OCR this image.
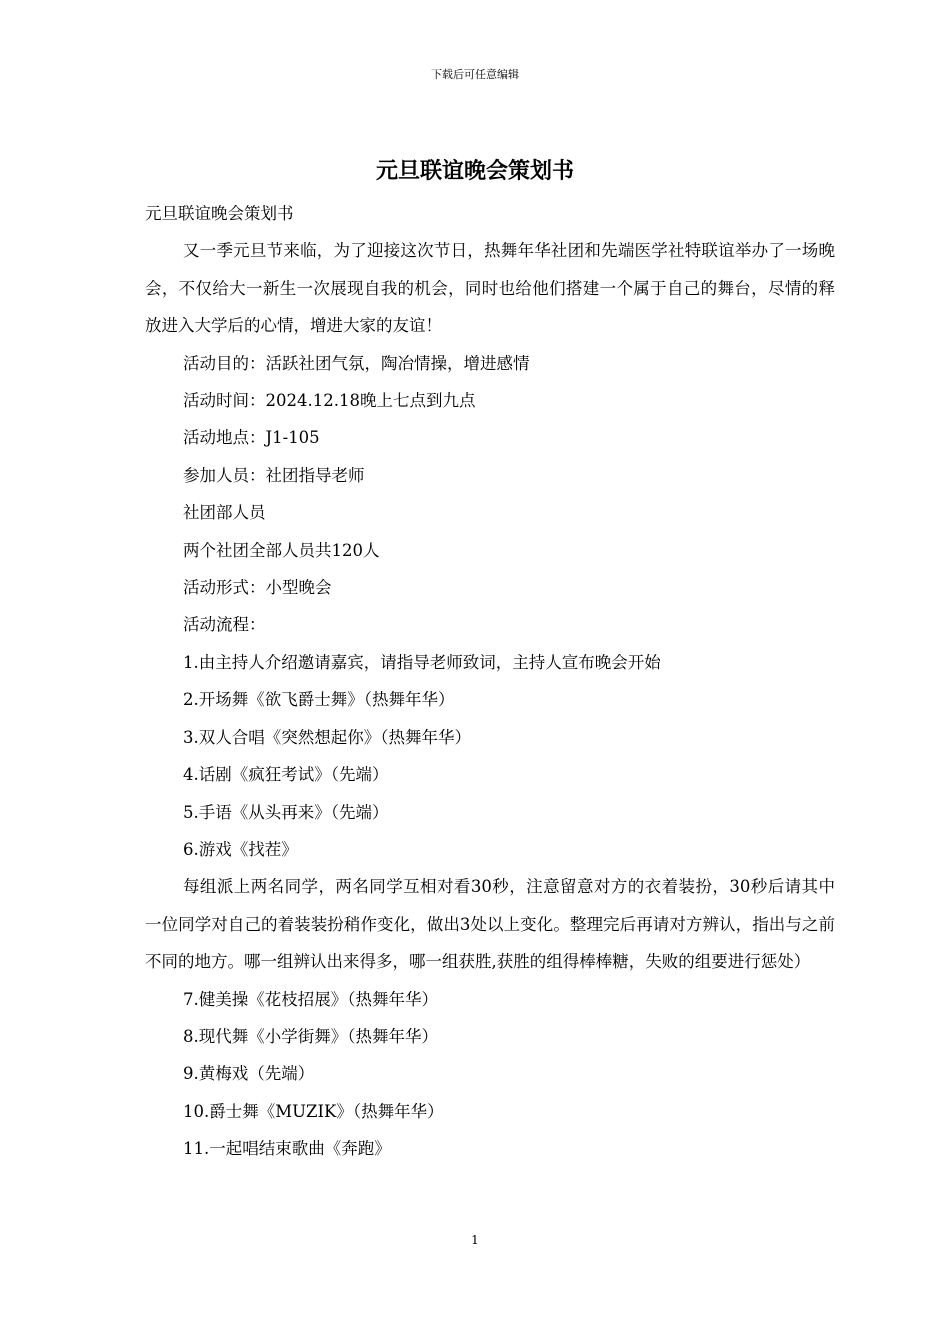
下载后可任意编辑
元旦联谊晚会策划书

元旦联谊晚会策划书

又一季元旦节来临，为了迎接这次节日，热舞年华社团和先端医学社特联谊举办了一场晚会，不仅给大一新生一次展现自我的机会，同时也给他们搭建一个属于自己的舞台，尽情的释放进入大学后的心情，增进大家的友谊！

活动目的：活跃社团气氛，陶冶情操，增进感情

活动时间：2024.12.18晚上七点到九点

活动地点：J1-105

参加人员：社团指导老师

社团部人员

两个社团全部人员共120人

活动形式：小型晚会

活动流程：

1.由主持人介绍邀请嘉宾，请指导老师致词，主持人宣布晚会开始

2.开场舞《欲飞爵士舞》（热舞年华）

3.双人合唱《突然想起你》（热舞年华）

4.话剧《疯狂考试》（先端）

5.手语《从头再来》（先端）

6.游戏《找茬》

每组派上两名同学，两名同学互相对看30秒，注意留意对方的衣着装扮，30秒后请其中一位同学对自己的着装装扮稍作变化，做出3处以上变化。整理完后再请对方辨认，指出与之前不同的地方。哪一组辨认出来得多，哪一组获胜,获胜的组得棒棒糖，失败的组要进行惩处）

7.健美操《花枝招展》（热舞年华）

8.现代舞《小学街舞》（热舞年华）

9.黄梅戏（先端）

10.爵士舞《MUZIK》（热舞年华）

11.一起唱结束歌曲《奔跑》

1
